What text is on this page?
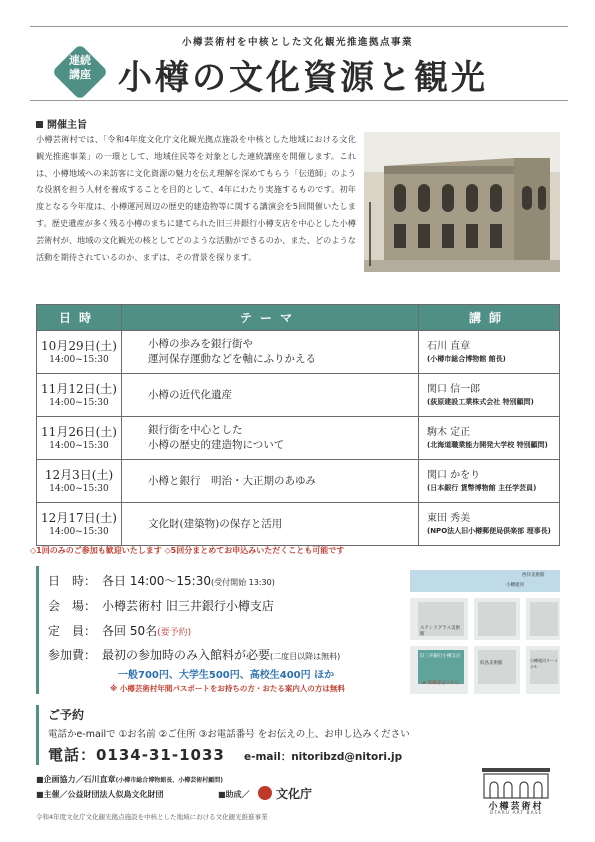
小樽芸術村を中核とした文化観光推進拠点事業
連続
講座 小樽の文化資源と観光
開催主旨
小樽芸術村では、「令和4年度文化庁文化観光拠点施設を中核とした地域における文化観光推進事業」の一環として、地域住民等を対象とした連続講座を開催します。これは、小樽地域への来訪客に文化資源の魅力を伝え理解を深めてもらう「伝道師」のような役割を担う人材を養成することを目的として、4年にわたり実施するものです。初年度となる今年度は、小樽運河周辺の歴史的建造物等に関する講演会を5回開催いたします。歴史遺産が多く残る小樽のまちに建てられた旧三井銀行小樽支店を中心とした小樽芸術村が、地域の文化観光の核としてどのような活動ができるのか、また、どのような活動を期待されているのか、まずは、その背景を探ります。
日時	テーマ	講師

10月29日(土)
14:00~15:30	小樽の歩みを銀行街や
運河保存運動などを軸にふりかえる	石川 直章
(小樽市総合博物館 館長)

11月12日(土)
14:00~15:30	小樽の近代化遺産	関口 信一郎
(荻原建設工業株式会社 特別顧問)

11月26日(土)
14:00~15:30	銀行街を中心とした
小樽の歴史的建造物について	駒木 定正
(北海道職業能力開発大学校 特別顧問)

12月3日(土)
14:00~15:30	小樽と銀行　明治・大正期のあゆみ	関口 かをり
(日本銀行 貨幣博物館 主任学芸員)

12月17日(土)
14:00~15:30	文化財(建築物)の保存と活用	東田 秀美
(NPO法人旧小樽郵便局倶楽部 理事長)
◇1回のみのご参加も歓迎いたします ◇5回分まとめてお申込みいただくことも可能です
日　時： 各日 14:00〜15:30(受付開始 13:30)
会　場： 小樽芸術村 旧三井銀行小樽支店
定　員： 各回 50名(要予約)
参加費： 最初の参加時のみ入館料が必要(二度目以降は無料)
一般700円、大学生500円、高校生400円 ほか
※ 小樽芸術村年間パスポートをお持ちの方・おたる案内人の方は無料
小樽運河
西洋美術館
ステンドグラス美術館
旧三井銀行小樽支店
似鳥美術館
小樽運河ターミナル
★ 来場者はこちら
ご予約
電話かe-mailで ①お名前 ②ご住所 ③お電話番号 をお伝えの上、お申し込みください
電話：0134-31-1033 e-mail：nitoribzd@nitori.jp
■企画協力／石川直章(小樽市総合博物館長、小樽芸術村顧問)
■主催／公益財団法人似鳥文化財団	■助成／ 文化庁
令和4年度文化庁文化観光拠点施設を中核とした地域における文化観光推進事業
小樽芸術村
OTARU ART BASE
